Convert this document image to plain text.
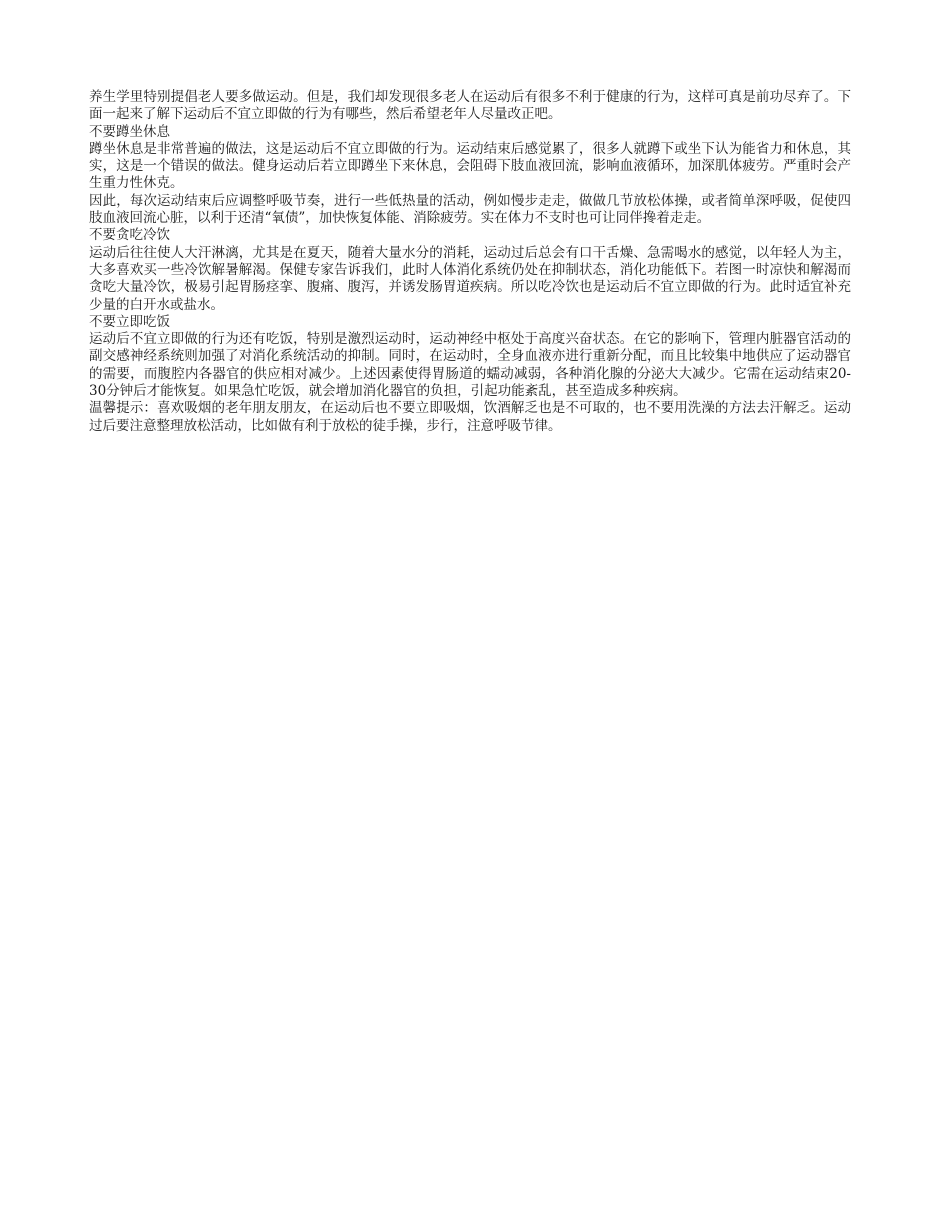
养生学里特别提倡老人要多做运动。但是，我们却发现很多老人在运动后有很多不利于健康的行为，这样可真是前功尽弃了。下面一起来了解下运动后不宜立即做的行为有哪些，然后希望老年人尽量改正吧。

不要蹲坐休息

蹲坐休息是非常普遍的做法，这是运动后不宜立即做的行为。运动结束后感觉累了，很多人就蹲下或坐下认为能省力和休息，其实，这是一个错误的做法。健身运动后若立即蹲坐下来休息，会阻碍下肢血液回流，影响血液循环，加深肌体疲劳。严重时会产生重力性休克。

因此，每次运动结束后应调整呼吸节奏，进行一些低热量的活动，例如慢步走走，做做几节放松体操，或者简单深呼吸，促使四肢血液回流心脏，以利于还清“氧债”，加快恢复体能、消除疲劳。实在体力不支时也可让同伴搀着走走。

不要贪吃冷饮

运动后往往使人大汗淋漓，尤其是在夏天，随着大量水分的消耗，运动过后总会有口干舌燥、急需喝水的感觉，以年轻人为主，大多喜欢买一些冷饮解暑解渴。保健专家告诉我们，此时人体消化系统仍处在抑制状态，消化功能低下。若图一时凉快和解渴而贪吃大量冷饮，极易引起胃肠痉挛、腹痛、腹泻，并诱发肠胃道疾病。所以吃冷饮也是运动后不宜立即做的行为。此时适宜补充少量的白开水或盐水。

不要立即吃饭

运动后不宜立即做的行为还有吃饭，特别是激烈运动时，运动神经中枢处于高度兴奋状态。在它的影响下，管理内脏器官活动的副交感神经系统则加强了对消化系统活动的抑制。同时，在运动时，全身血液亦进行重新分配，而且比较集中地供应了运动器官的需要，而腹腔内各器官的供应相对减少。上述因素使得胃肠道的蠕动减弱，各种消化腺的分泌大大减少。它需在运动结束20-30分钟后才能恢复。如果急忙吃饭，就会增加消化器官的负担，引起功能紊乱，甚至造成多种疾病。

温馨提示：喜欢吸烟的老年朋友朋友，在运动后也不要立即吸烟，饮酒解乏也是不可取的，也不要用洗澡的方法去汗解乏。运动过后要注意整理放松活动，比如做有利于放松的徒手操，步行，注意呼吸节律。
